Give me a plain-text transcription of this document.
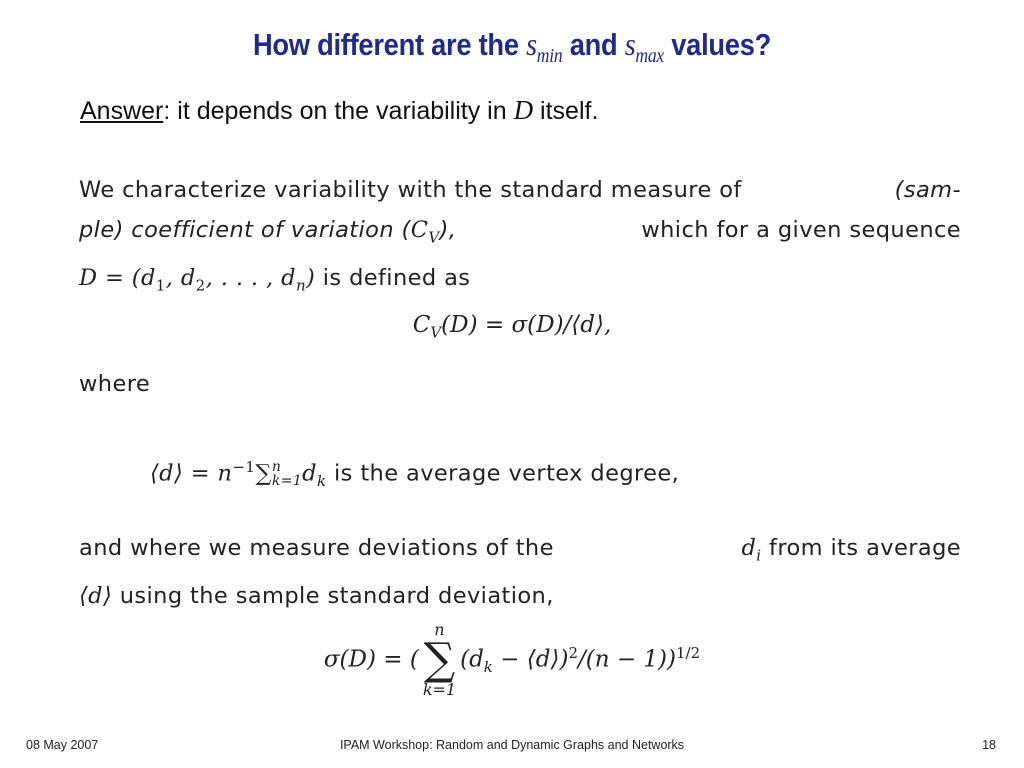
How different are the $s_{min}$ and $s_{max}$ values?
Answer: it depends on the variability in D itself.
We characterize variability with the standard measure of	(sam-
ple) coefficient of variation $(C_V)$,	which for a given sequence
$D = (d_1$, $d_2$, . . . , $d_n$) is defined as
$C_V(D)$ = σ(D)/⟨d⟩,
where
⟨d⟩ = $n^{-1}\sum$ n
k=1 $d_k$ is the average vertex degree,
and where we measure deviations of the	$d_i$ from its average
⟨d⟩ using the sample standard deviation,
σ(D) = (
n
∑
k=1
($d_k$ − ⟨d⟩)$^2$/(n − 1))$^{1/2}$
08 May 2007	IPAM Workshop: Random and Dynamic Graphs and Networks	18
